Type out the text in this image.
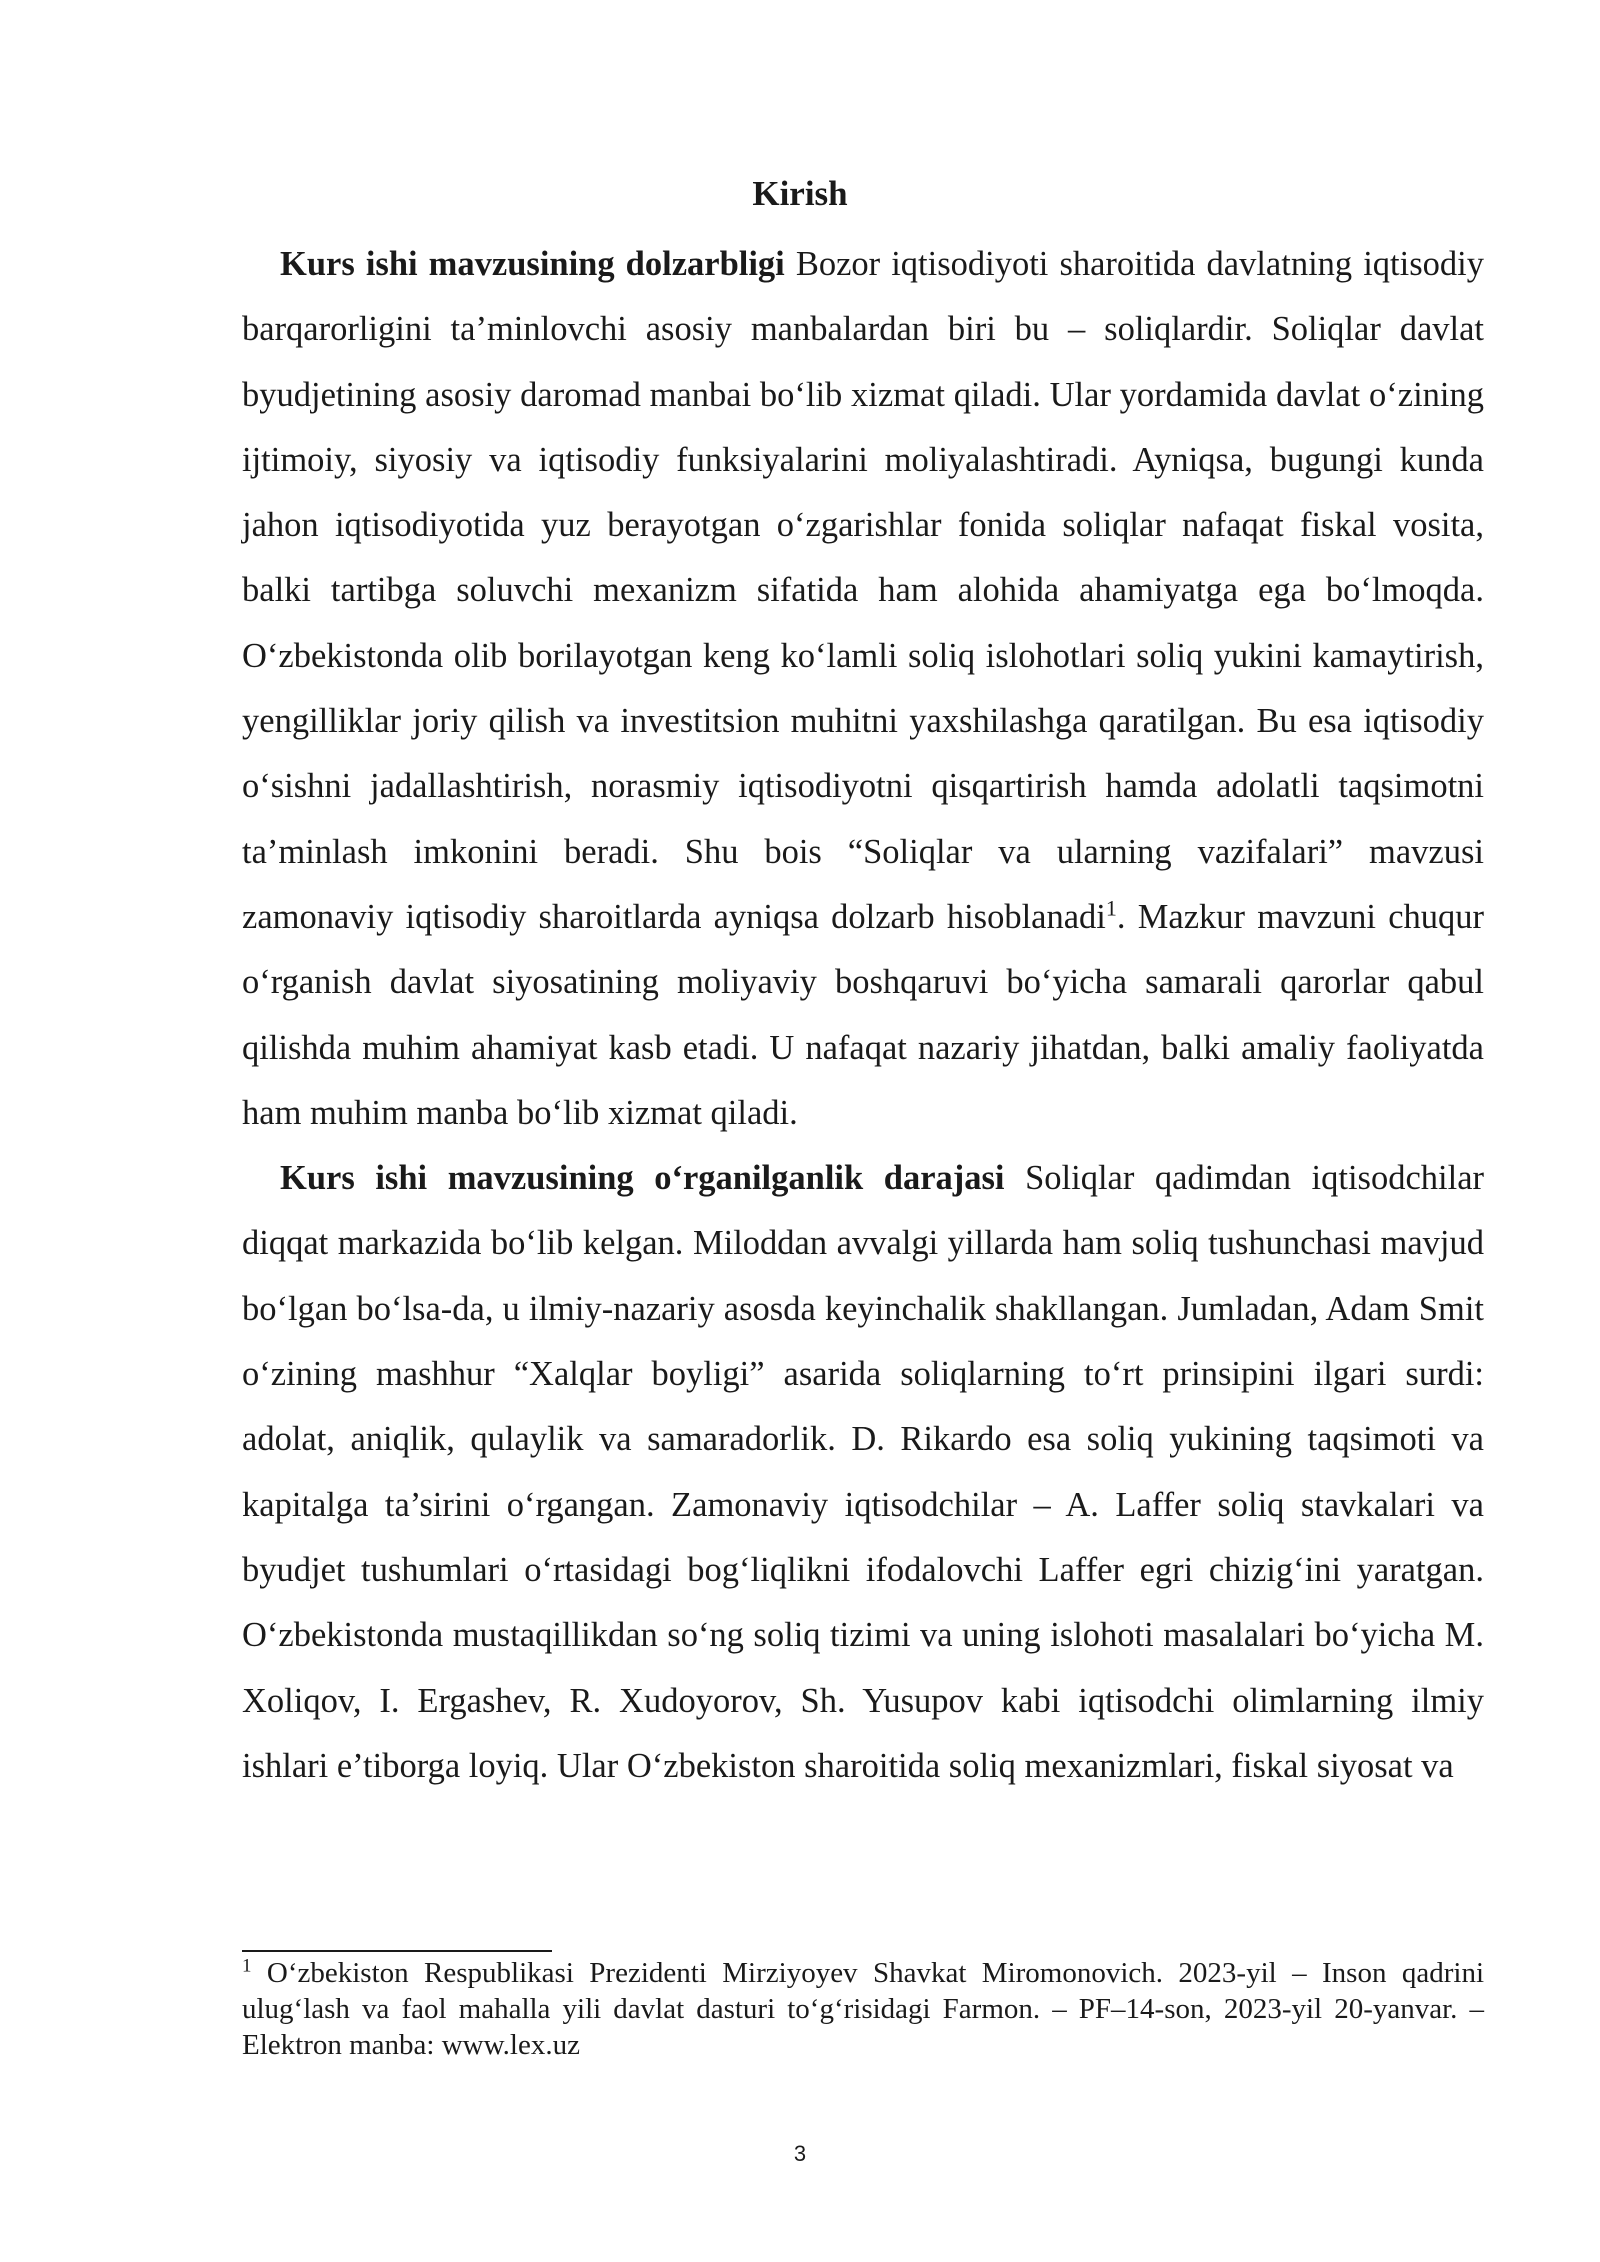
Kirish

Kurs ishi mavzusining dolzarbligi Bozor iqtisodiyoti sharoitida davlatning iqtisodiy barqarorligini ta’minlovchi asosiy manbalardan biri bu – soliqlardir. Soliqlar davlat byudjetining asosiy daromad manbai bo‘lib xizmat qiladi. Ular yordamida davlat o‘zining ijtimoiy, siyosiy va iqtisodiy funksiyalarini moliyalashtiradi. Ayniqsa, bugungi kunda jahon iqtisodiyotida yuz berayotgan o‘zgarishlar fonida soliqlar nafaqat fiskal vosita, balki tartibga soluvchi mexanizm sifatida ham alohida ahamiyatga ega bo‘lmoqda. O‘zbekistonda olib borilayotgan keng ko‘lamli soliq islohotlari soliq yukini kamaytirish, yengilliklar joriy qilish va investitsion muhitni yaxshilashga qaratilgan. Bu esa iqtisodiy o‘sishni jadallashtirish, norasmiy iqtisodiyotni qisqartirish hamda adolatli taqsimotni ta’minlash imkonini beradi. Shu bois “Soliqlar va ularning vazifalari” mavzusi zamonaviy iqtisodiy sharoitlarda ayniqsa dolzarb hisoblanadi$^1$. Mazkur mavzuni chuqur o‘rganish davlat siyosatining moliyaviy boshqaruvi bo‘yicha samarali qarorlar qabul qilishda muhim ahamiyat kasb etadi. U nafaqat nazariy jihatdan, balki amaliy faoliyatda ham muhim manba bo‘lib xizmat qiladi.

Kurs ishi mavzusining o‘rganilganlik darajasi Soliqlar qadimdan iqtisodchilar diqqat markazida bo‘lib kelgan. Miloddan avvalgi yillarda ham soliq tushunchasi mavjud bo‘lgan bo‘lsa-da, u ilmiy-nazariy asosda keyinchalik shakllangan. Jumladan, Adam Smit o‘zining mashhur “Xalqlar boyligi” asarida soliqlarning to‘rt prinsipini ilgari surdi: adolat, aniqlik, qulaylik va samaradorlik. D. Rikardo esa soliq yukining taqsimoti va kapitalga ta’sirini o‘rgangan. Zamonaviy iqtisodchilar – A. Laffer soliq stavkalari va byudjet tushumlari o‘rtasidagi bog‘liqlikni ifodalovchi Laffer egri chizig‘ini yaratgan. O‘zbekistonda mustaqillikdan so‘ng soliq tizimi va uning islohoti masalalari bo‘yicha M. Xoliqov, I. Ergashev, R. Xudoyorov, Sh. Yusupov kabi iqtisodchi olimlarning ilmiy ishlari e’tiborga loyiq. Ular O‘zbekiston sharoitida soliq mexanizmlari, fiskal siyosat va

$^1$ O‘zbekiston Respublikasi Prezidenti Mirziyoyev Shavkat Miromonovich. 2023-yil – Inson qadrini ulug‘lash va faol mahalla yili davlat dasturi to‘g‘risidagi Farmon. – PF–14-son, 2023-yil 20-yanvar. – Elektron manba: www.lex.uz

3
